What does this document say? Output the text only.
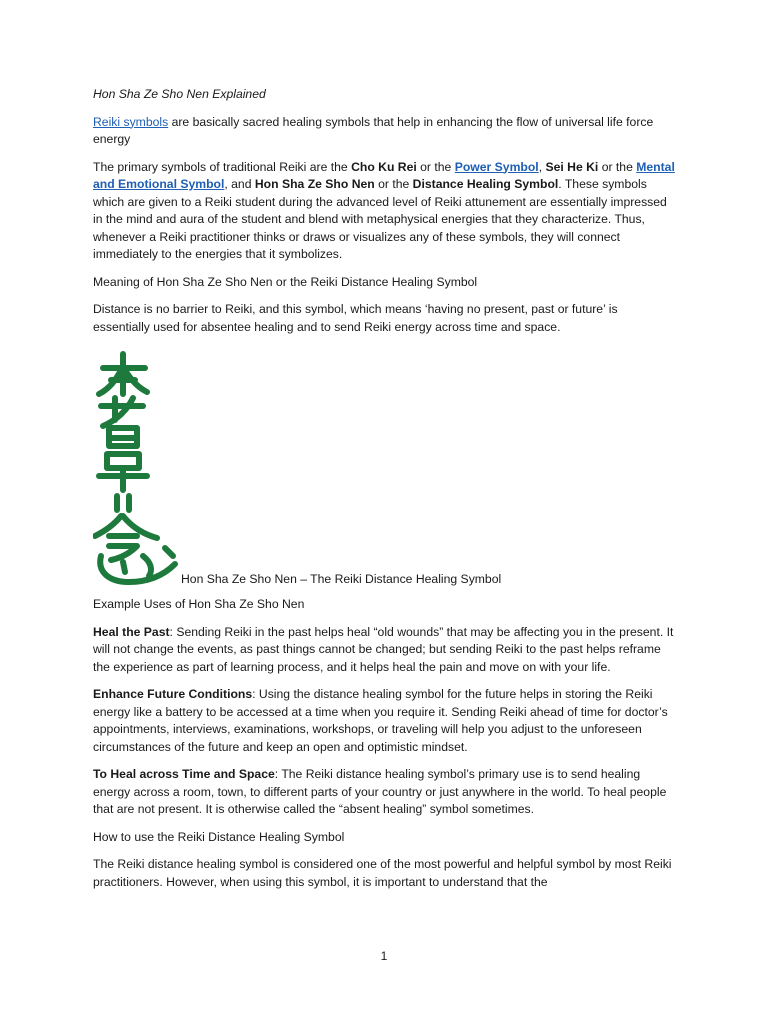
Hon Sha Ze Sho Nen Explained

Reiki symbols are basically sacred healing symbols that help in enhancing the flow of universal life force energy

The primary symbols of traditional Reiki are the Cho Ku Rei or the Power Symbol, Sei He Ki or the Mental and Emotional Symbol, and Hon Sha Ze Sho Nen or the Distance Healing Symbol. These symbols which are given to a Reiki student during the advanced level of Reiki attunement are essentially impressed in the mind and aura of the student and blend with metaphysical energies that they characterize. Thus, whenever a Reiki practitioner thinks or draws or visualizes any of these symbols, they will connect immediately to the energies that it symbolizes.

Meaning of Hon Sha Ze Sho Nen or the Reiki Distance Healing Symbol

Distance is no barrier to Reiki, and this symbol, which means ‘having no present, past or future’ is essentially used for absentee healing and to send Reiki energy across time and space.

Hon Sha Ze Sho Nen – The Reiki Distance Healing Symbol

Example Uses of Hon Sha Ze Sho Nen

Heal the Past: Sending Reiki in the past helps heal “old wounds” that may be affecting you in the present. It will not change the events, as past things cannot be changed; but sending Reiki to the past helps reframe the experience as part of learning process, and it helps heal the pain and move on with your life.

Enhance Future Conditions: Using the distance healing symbol for the future helps in storing the Reiki energy like a battery to be accessed at a time when you require it. Sending Reiki ahead of time for doctor’s appointments, interviews, examinations, workshops, or traveling will help you adjust to the unforeseen circumstances of the future and keep an open and optimistic mindset.

To Heal across Time and Space: The Reiki distance healing symbol’s primary use is to send healing energy across a room, town, to different parts of your country or just anywhere in the world. To heal people that are not present. It is otherwise called the “absent healing” symbol sometimes.

How to use the Reiki Distance Healing Symbol

The Reiki distance healing symbol is considered one of the most powerful and helpful symbol by most Reiki practitioners. However, when using this symbol, it is important to understand that the

1
